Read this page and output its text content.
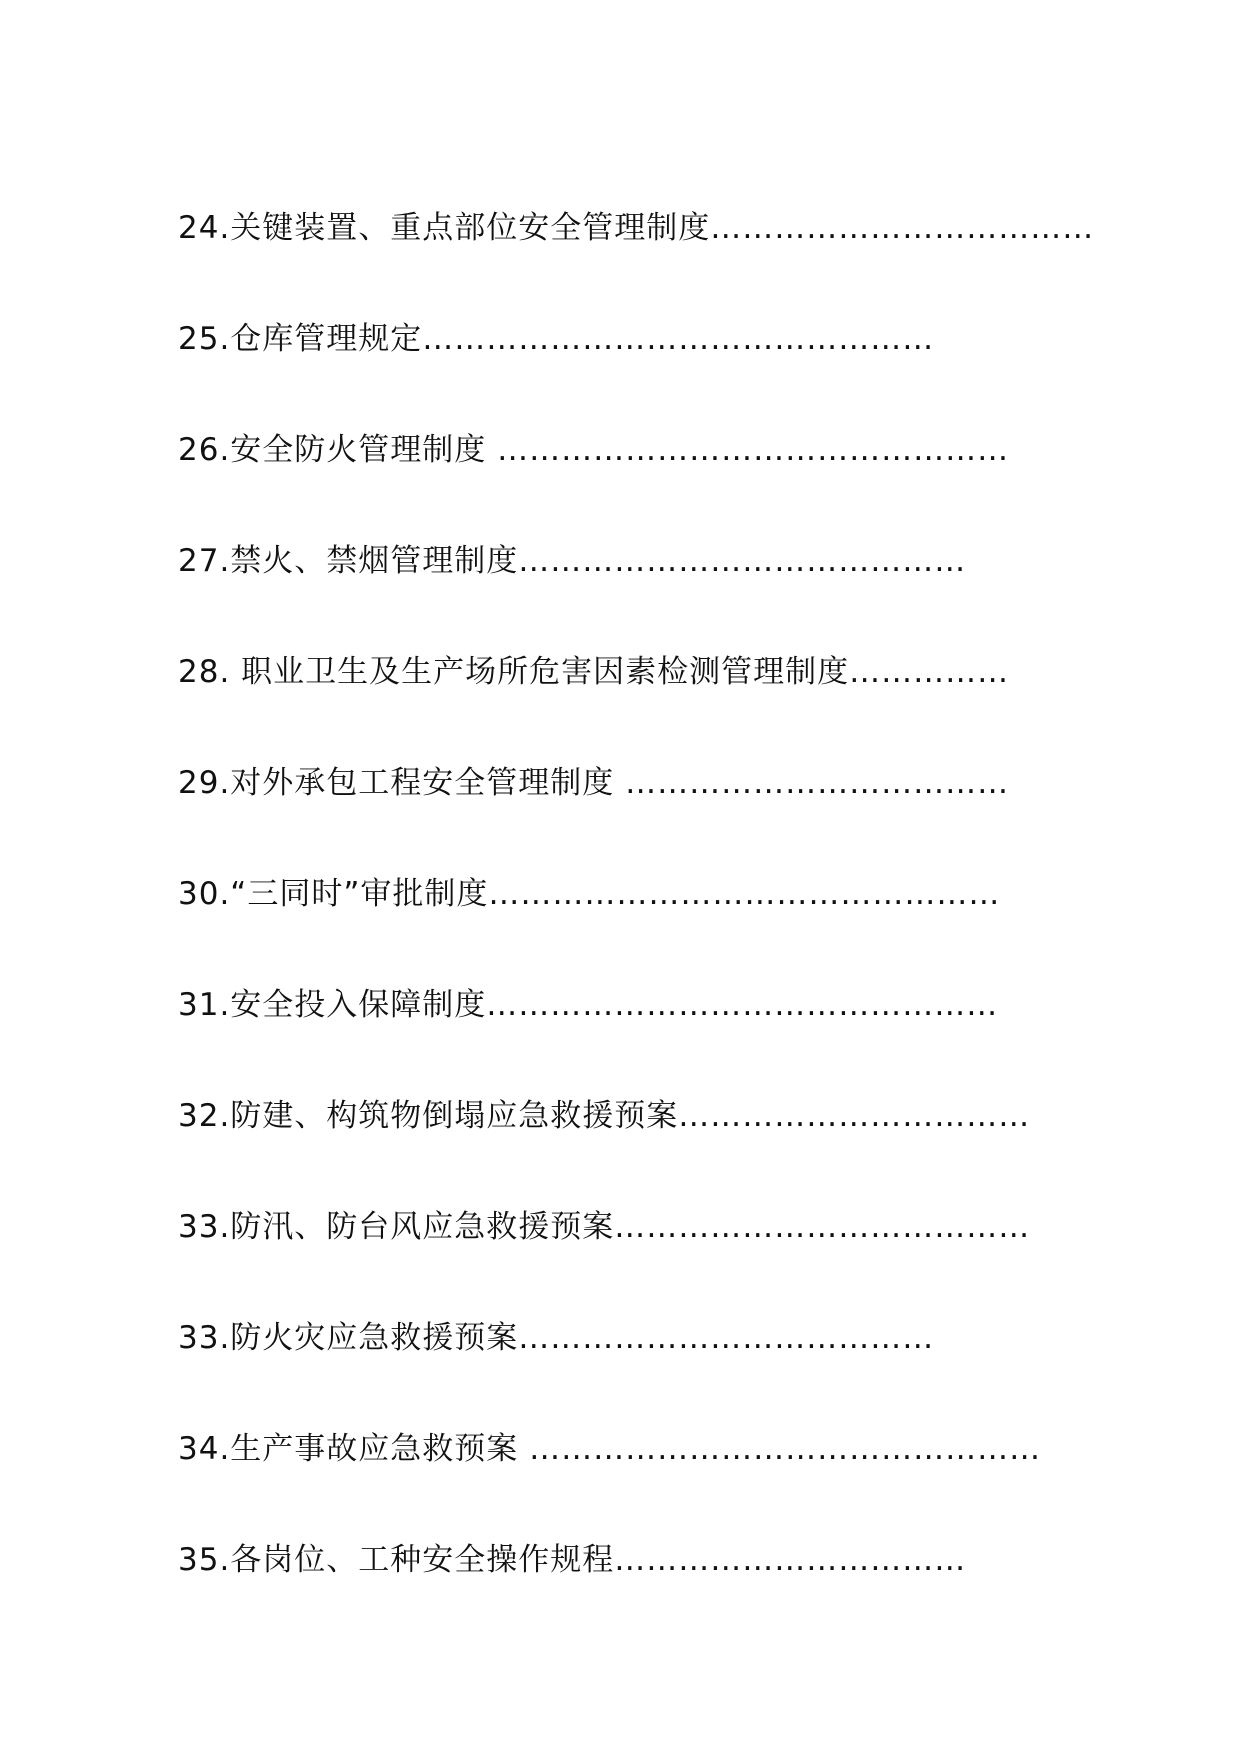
24.关键装置、重点部位安全管理制度………………………………
25.仓库管理规定…………………………………………
26.安全防火管理制度 …………………………………………
27.禁火、禁烟管理制度……………………………………
28. 职业卫生及生产场所危害因素检测管理制度……………
29.对外承包工程安全管理制度 ………………………………
30.“三同时”审批制度…………………………………………
31.安全投入保障制度…………………………………………
32.防建、构筑物倒塌应急救援预案……………………………
33.防汛、防台风应急救援预案…………………………………
33.防火灾应急救援预案…………………………………
34.生产事故应急救预案 …………………………………………
35.各岗位、工种安全操作规程……………………………
